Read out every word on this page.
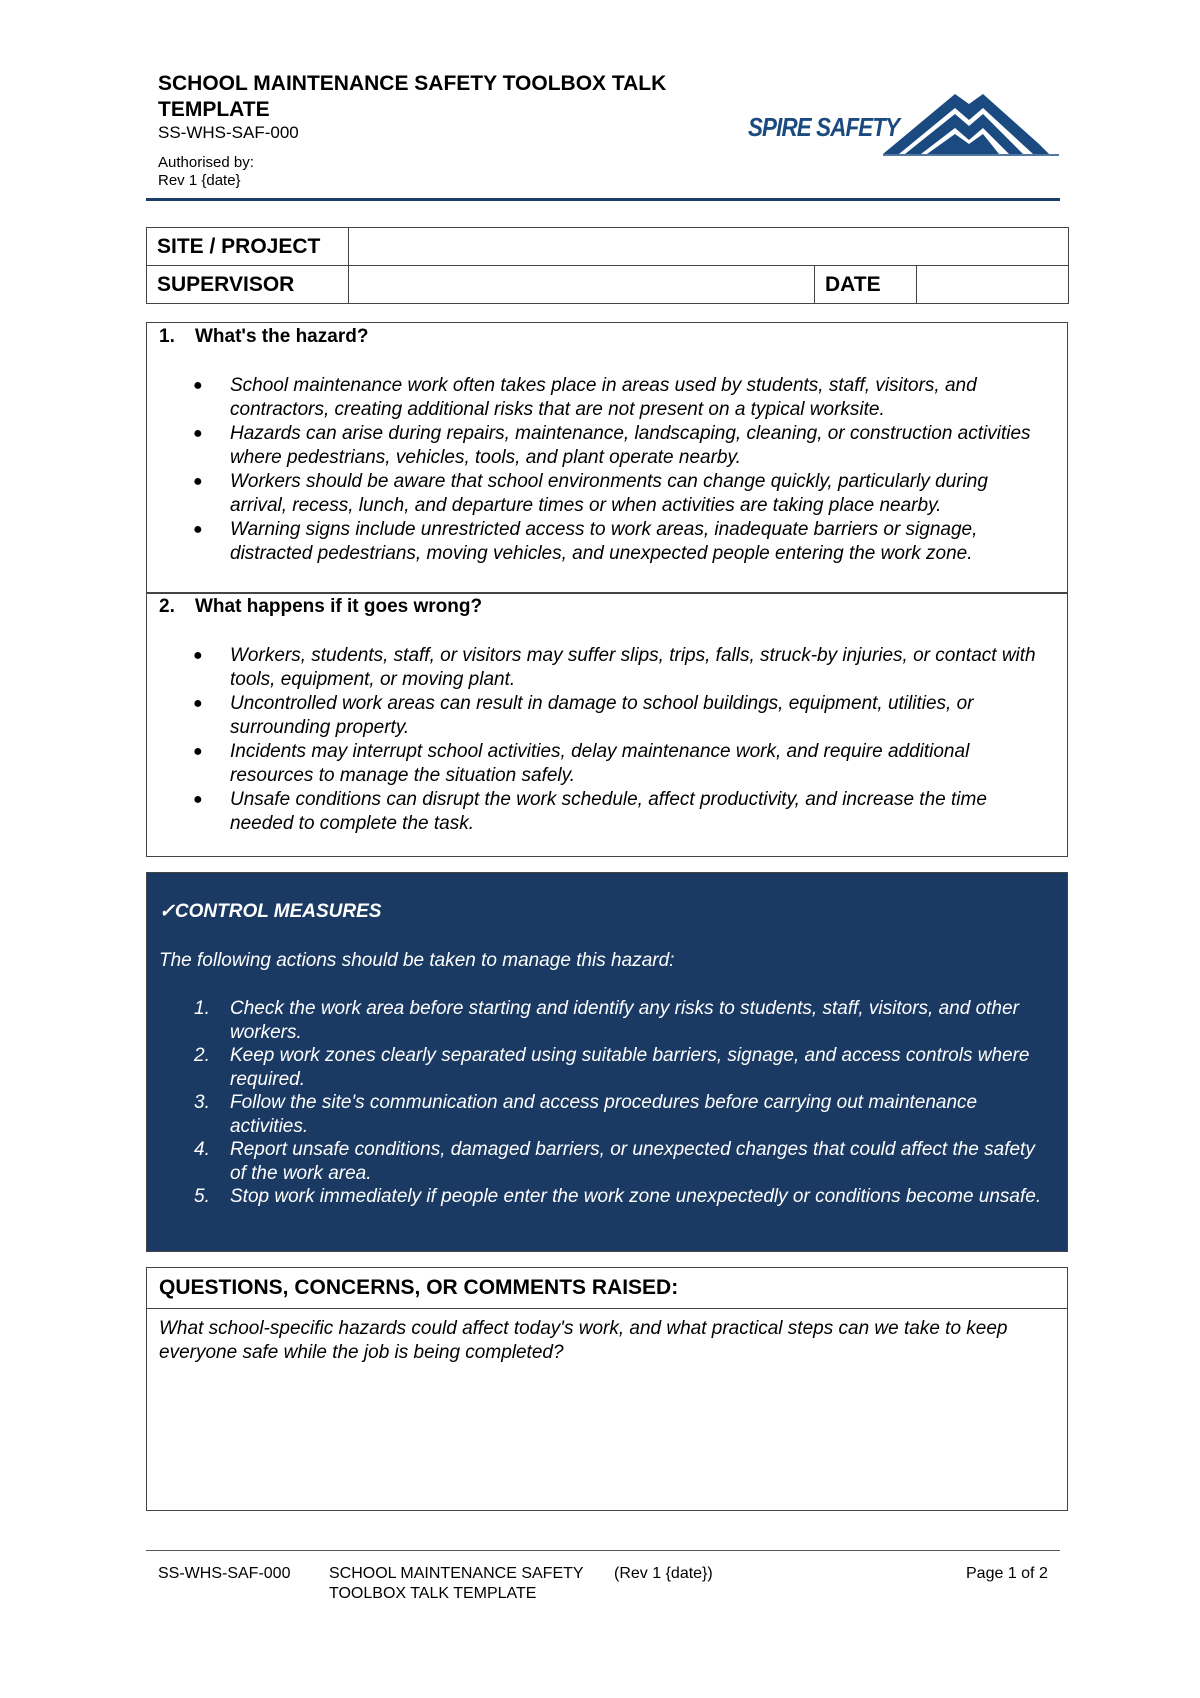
SCHOOL MAINTENANCE SAFETY TOOLBOX TALK TEMPLATE
SS-WHS-SAF-000
Authorised by:
Rev 1 {date}
SPIRE SAFETY
SITE / PROJECT			
SUPERVISOR		DATE	
1. What's the hazard?
● School maintenance work often takes place in areas used by students, staff, visitors, and contractors, creating additional risks that are not present on a typical worksite.
● Hazards can arise during repairs, maintenance, landscaping, cleaning, or construction activities where pedestrians, vehicles, tools, and plant operate nearby.
● Workers should be aware that school environments can change quickly, particularly during arrival, recess, lunch, and departure times or when activities are taking place nearby.
● Warning signs include unrestricted access to work areas, inadequate barriers or signage, distracted pedestrians, moving vehicles, and unexpected people entering the work zone.
2. What happens if it goes wrong?
● Workers, students, staff, or visitors may suffer slips, trips, falls, struck-by injuries, or contact with tools, equipment, or moving plant.
● Uncontrolled work areas can result in damage to school buildings, equipment, utilities, or surrounding property.
● Incidents may interrupt school activities, delay maintenance work, and require additional resources to manage the situation safely.
● Unsafe conditions can disrupt the work schedule, affect productivity, and increase the time needed to complete the task.
✓CONTROL MEASURES
The following actions should be taken to manage this hazard:
1. Check the work area before starting and identify any risks to students, staff, visitors, and other workers.
2. Keep work zones clearly separated using suitable barriers, signage, and access controls where required.
3. Follow the site's communication and access procedures before carrying out maintenance activities.
4. Report unsafe conditions, damaged barriers, or unexpected changes that could affect the safety of the work area.
5. Stop work immediately if people enter the work zone unexpectedly or conditions become unsafe.
QUESTIONS, CONCERNS, OR COMMENTS RAISED:
What school-specific hazards could affect today's work, and what practical steps can we take to keep everyone safe while the job is being completed?
SS-WHS-SAF-000 SCHOOL MAINTENANCE SAFETY TOOLBOX TALK TEMPLATE
(Rev 1 {date})	Page 1 of 2
